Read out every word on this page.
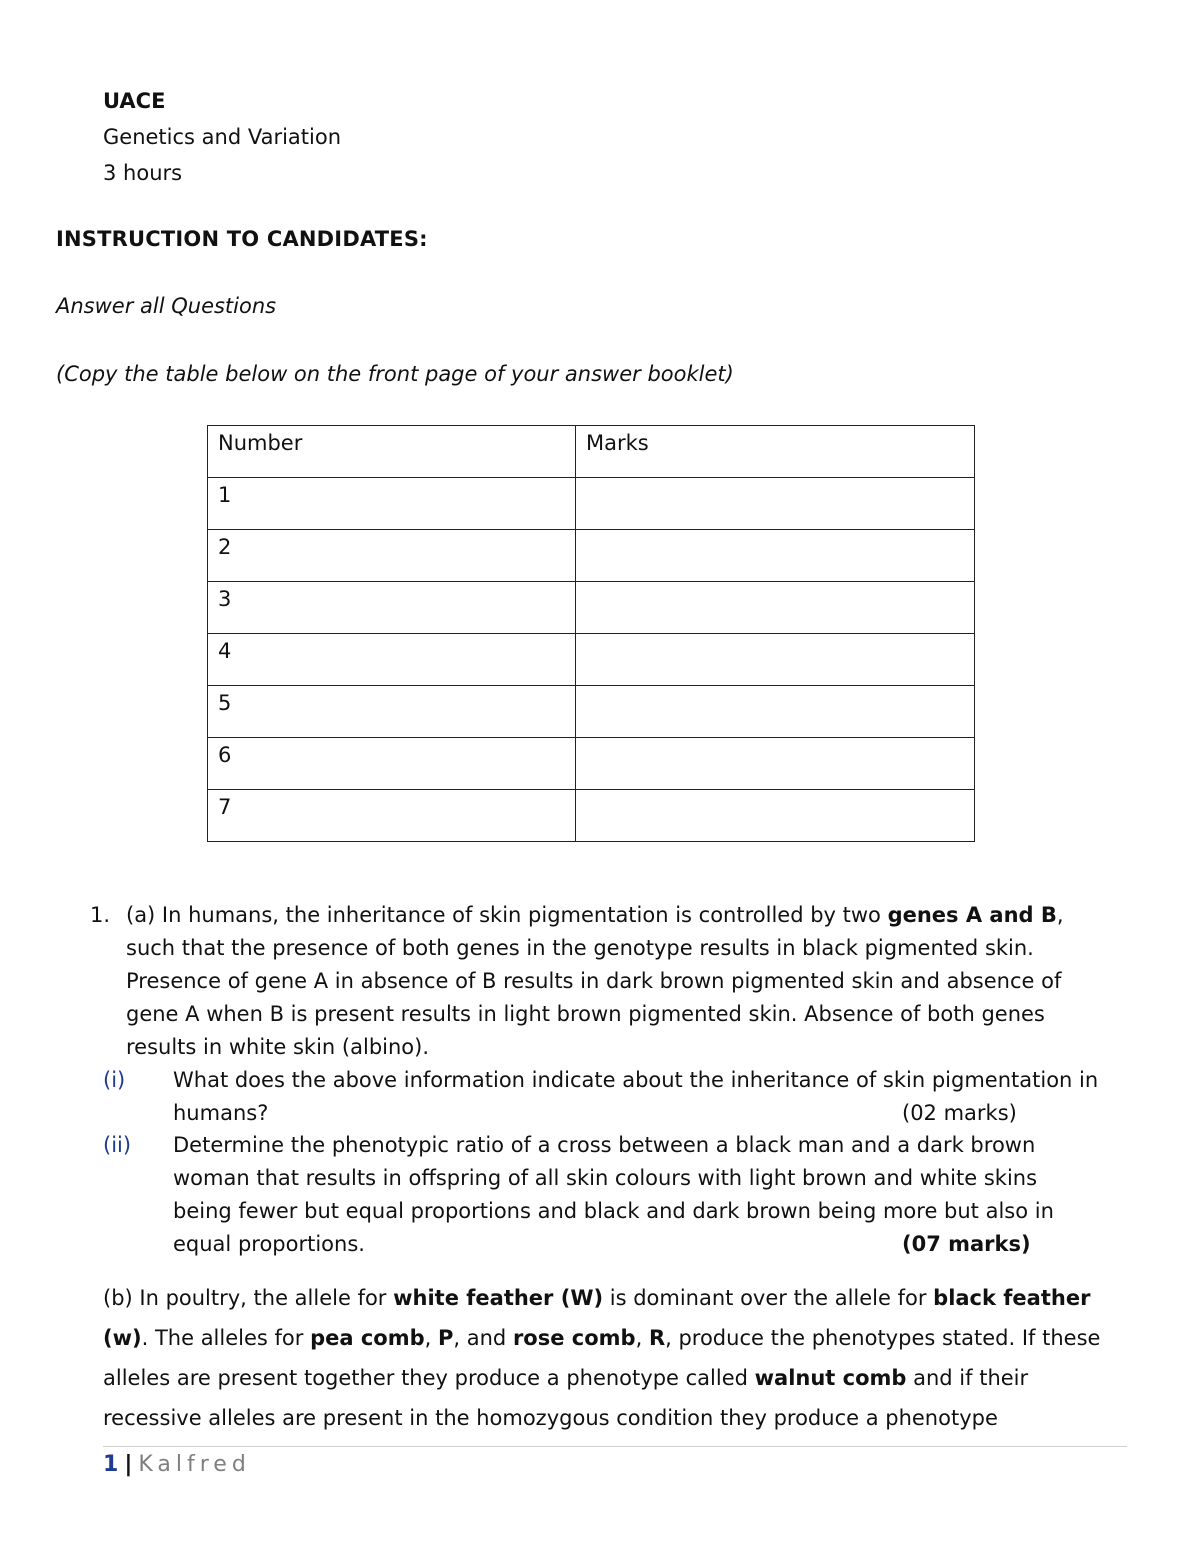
UACE

Genetics and Variation

3 hours

INSTRUCTION TO CANDIDATES:

Answer all Questions

(Copy the table below on the front page of your answer booklet)

Number	Marks
1	
2	
3	
4	
5	
6	
7	

1. (a) In humans, the inheritance of skin pigmentation is controlled by two genes A and B, such that the presence of both genes in the genotype results in black pigmented skin. Presence of gene A in absence of B results in dark brown pigmented skin and absence of gene A when B is present results in light brown pigmented skin. Absence of both genes results in white skin (albino).

(i) What does the above information indicate about the inheritance of skin pigmentation in humans?	(02 marks)

(ii) Determine the phenotypic ratio of a cross between a black man and a dark brown woman that results in offspring of all skin colours with light brown and white skins being fewer but equal proportions and black and dark brown being more but also in equal proportions.	(07 marks)

(b) In poultry, the allele for white feather (W) is dominant over the allele for black feather (w). The alleles for pea comb, P, and rose comb, R, produce the phenotypes stated. If these alleles are present together they produce a phenotype called walnut comb and if their recessive alleles are present in the homozygous condition they produce a phenotype

1 | Kalfred
